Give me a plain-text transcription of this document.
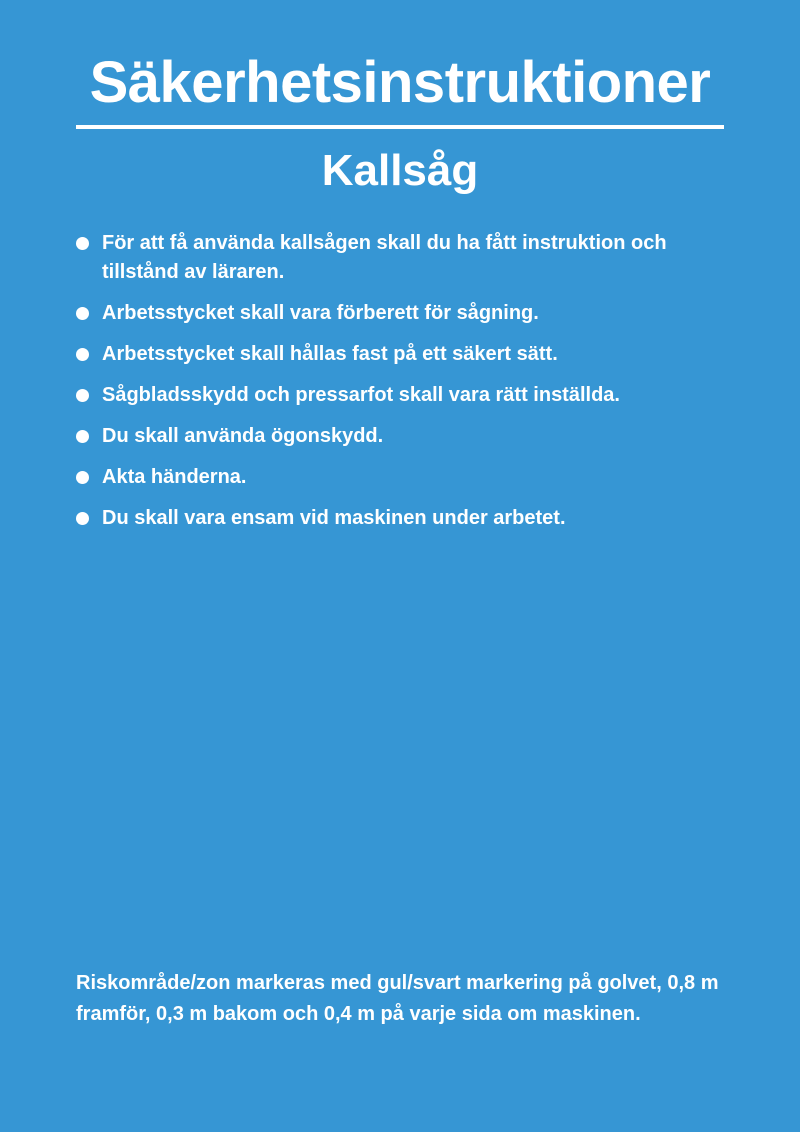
Säkerhetsinstruktioner
Kallsåg
För att få använda kallsågen skall du ha fått instruktion och tillstånd av läraren.
Arbetsstycket skall vara förberett för sågning.
Arbetsstycket skall hållas fast på ett säkert sätt.
Sågbladsskydd och pressarfot skall vara rätt inställda.
Du skall använda ögonskydd.
Akta händerna.
Du skall vara ensam vid maskinen under arbetet.

Riskområde/zon markeras med gul/svart markering på golvet, 0,8 m framför, 0,3 m bakom och 0,4 m på varje sida om maskinen.
